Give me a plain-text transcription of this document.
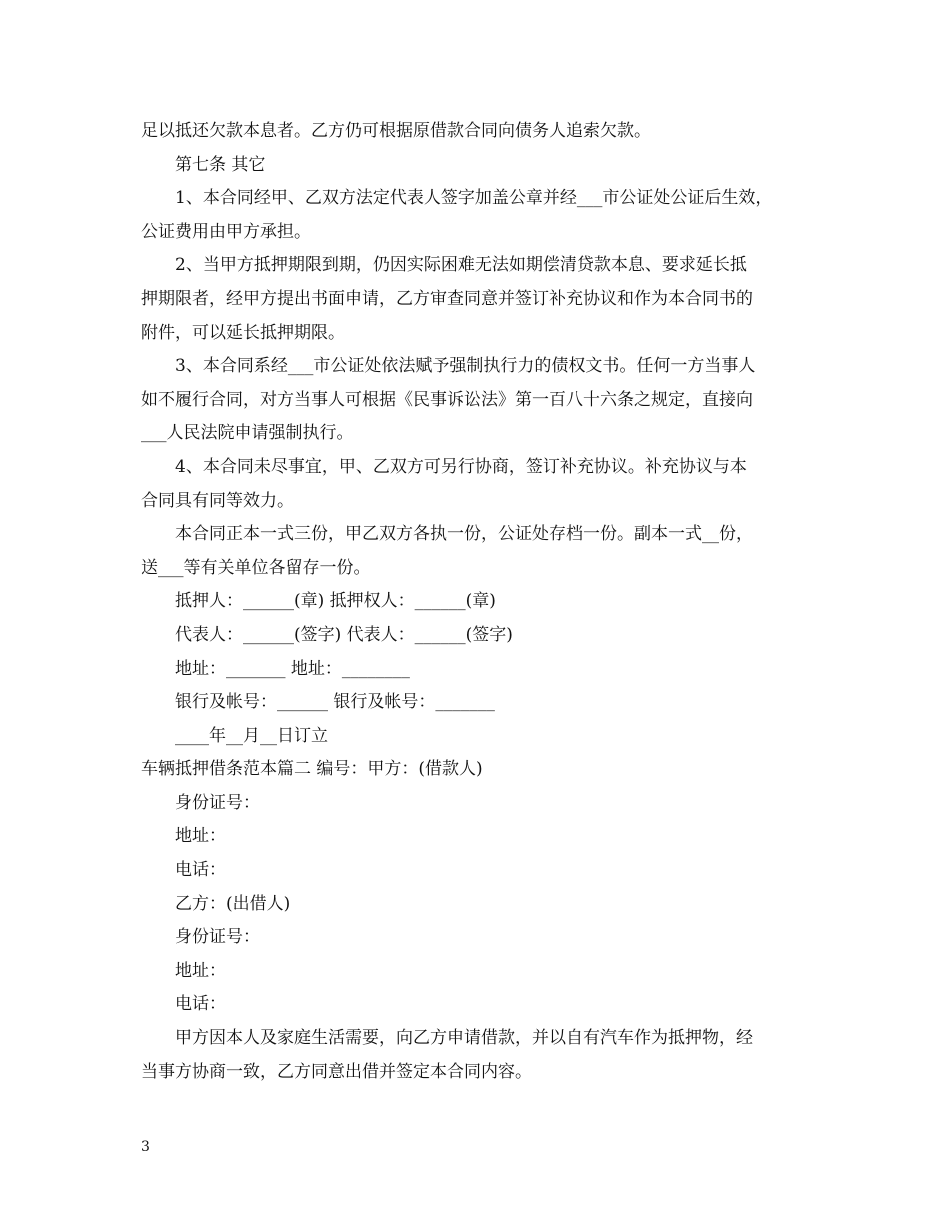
足以抵还欠款本息者。乙方仍可根据原借款合同向债务人追索欠款。
第七条 其它
1、本合同经甲、乙双方法定代表人签字加盖公章并经___市公证处公证后生效，
公证费用由甲方承担。
2、当甲方抵押期限到期，仍因实际困难无法如期偿清贷款本息、要求延长抵
押期限者，经甲方提出书面申请，乙方审查同意并签订补充协议和作为本合同书的
附件，可以延长抵押期限。
3、本合同系经___市公证处依法赋予强制执行力的债权文书。任何一方当事人
如不履行合同，对方当事人可根据《民事诉讼法》第一百八十六条之规定，直接向
___人民法院申请强制执行。
4、本合同未尽事宜，甲、乙双方可另行协商，签订补充协议。补充协议与本
合同具有同等效力。
本合同正本一式三份，甲乙双方各执一份，公证处存档一份。副本一式__份，
送___等有关单位各留存一份。
抵押人：______(章) 抵押权人：______(章)
代表人：______(签字) 代表人：______(签字)
地址：_______ 地址：________
银行及帐号：______ 银行及帐号：_______
____年__月__日订立
车辆抵押借条范本篇二 编号：甲方：(借款人)
身份证号：
地址：
电话：
乙方：(出借人)
身份证号：
地址：
电话：
甲方因本人及家庭生活需要，向乙方申请借款，并以自有汽车作为抵押物，经
当事方协商一致，乙方同意出借并签定本合同内容。
3
